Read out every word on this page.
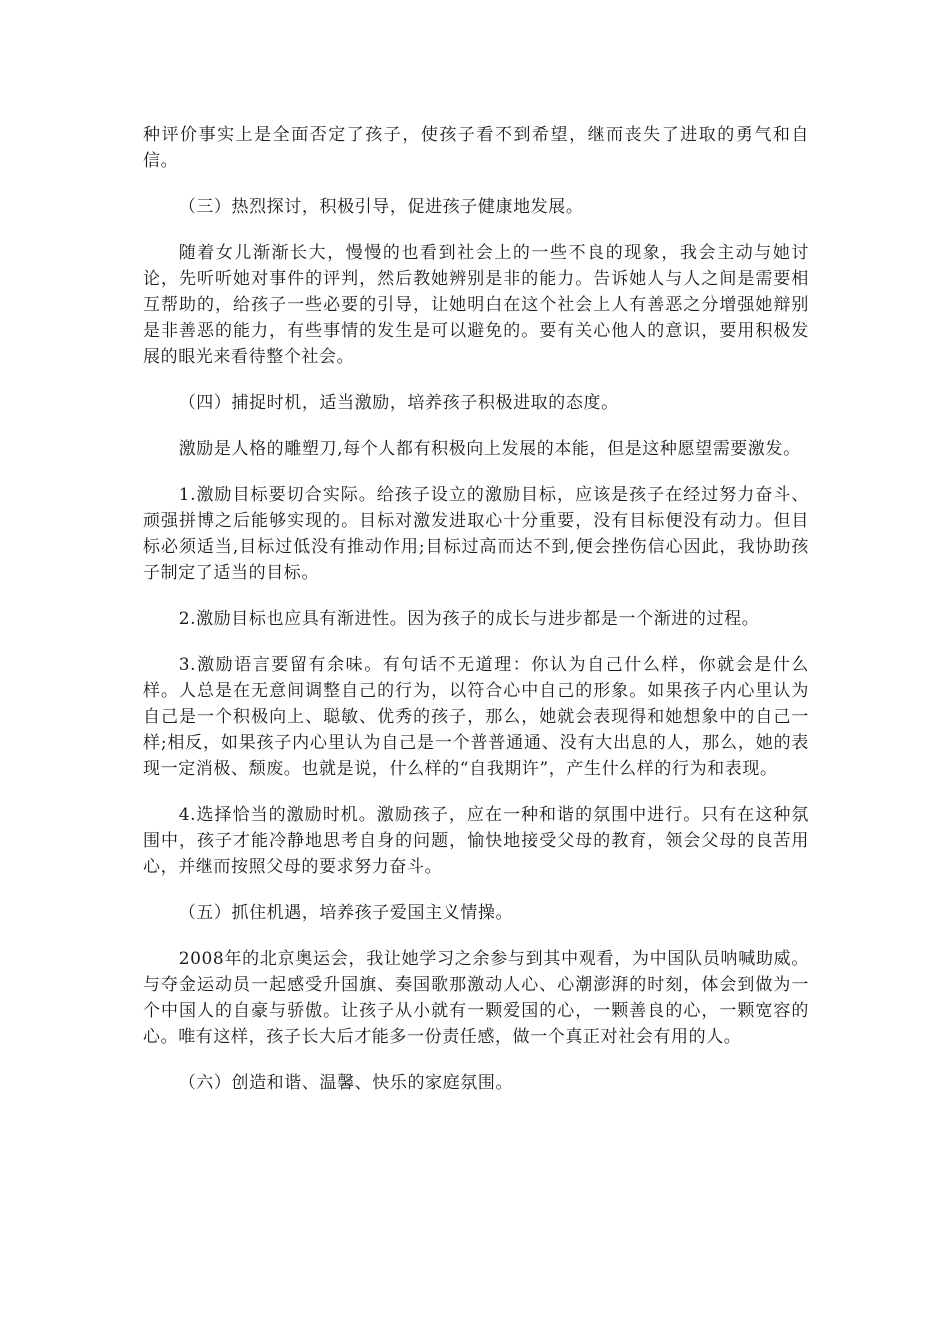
种评价事实上是全面否定了孩子，使孩子看不到希望，继而丧失了进取的勇气和自信。

（三）热烈探讨，积极引导，促进孩子健康地发展。

随着女儿渐渐长大，慢慢的也看到社会上的一些不良的现象，我会主动与她讨论，先听听她对事件的评判，然后教她辨别是非的能力。告诉她人与人之间是需要相互帮助的，给孩子一些必要的引导，让她明白在这个社会上人有善恶之分增强她辩别是非善恶的能力，有些事情的发生是可以避免的。要有关心他人的意识，要用积极发展的眼光来看待整个社会。

（四）捕捉时机，适当激励，培养孩子积极进取的态度。

激励是人格的雕塑刀,每个人都有积极向上发展的本能，但是这种愿望需要激发。

1.激励目标要切合实际。给孩子设立的激励目标，应该是孩子在经过努力奋斗、顽强拼博之后能够实现的。目标对激发进取心十分重要，没有目标便没有动力。但目标必须适当,目标过低没有推动作用;目标过高而达不到,便会挫伤信心因此，我协助孩子制定了适当的目标。

2.激励目标也应具有渐进性。因为孩子的成长与进步都是一个渐进的过程。

3.激励语言要留有余味。有句话不无道理：你认为自己什么样，你就会是什么样。人总是在无意间调整自己的行为，以符合心中自己的形象。如果孩子内心里认为自己是一个积极向上、聪敏、优秀的孩子，那么，她就会表现得和她想象中的自己一样;相反，如果孩子内心里认为自己是一个普普通通、没有大出息的人，那么，她的表现一定消极、颓废。也就是说，什么样的“自我期许”，产生什么样的行为和表现。

4.选择恰当的激励时机。激励孩子，应在一种和谐的氛围中进行。只有在这种氛围中，孩子才能冷静地思考自身的问题，愉快地接受父母的教育，领会父母的良苦用心，并继而按照父母的要求努力奋斗。

（五）抓住机遇，培养孩子爱国主义情操。

2008年的北京奥运会，我让她学习之余参与到其中观看，为中国队员呐喊助威。与夺金运动员一起感受升国旗、奏国歌那激动人心、心潮澎湃的时刻，体会到做为一个中国人的自豪与骄傲。让孩子从小就有一颗爱国的心，一颗善良的心，一颗宽容的心。唯有这样，孩子长大后才能多一份责任感，做一个真正对社会有用的人。

（六）创造和谐、温馨、快乐的家庭氛围。
